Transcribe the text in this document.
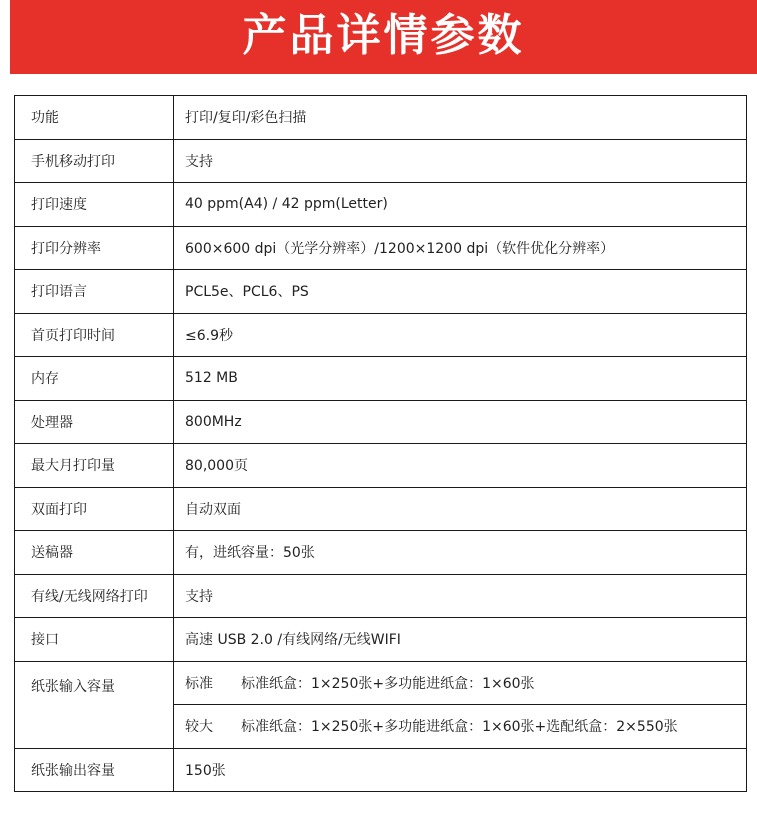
产品详情参数
功能	打印/复印/彩色扫描
手机移动打印	支持
打印速度	40 ppm(A4) / 42 ppm(Letter)
打印分辨率	600×600 dpi（光学分辨率）/1200×1200 dpi（软件优化分辨率）
打印语言	PCL5e、PCL6、PS
首页打印时间	≤6.9秒
内存	512 MB
处理器	800MHz
最大月打印量	80,000页
双面打印	自动双面
送稿器	有，进纸容量：50张
有线/无线网络打印	支持
接口	高速 USB 2.0 /有线网络/无线WIFI
纸张输入容量	标准 标准纸盒：1×250张+多功能进纸盒：1×60张
	较大 标准纸盒：1×250张+多功能进纸盒：1×60张+选配纸盒：2×550张
纸张输出容量	150张
